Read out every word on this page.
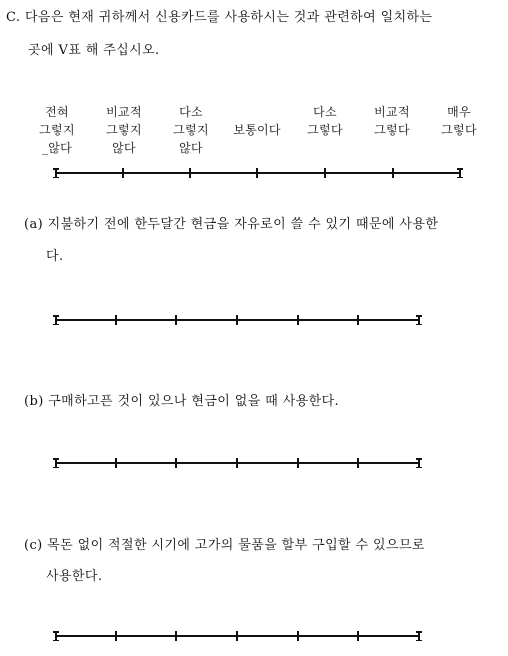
C. 다음은 현재 귀하께서 신용카드를 사용하시는 것과 관련하여 일치하는
곳에 V표 해 주십시오.
전혀
그렇지
_않다
비교적
그렇지
않다
다소
그렇지
않다
보통이다
다소
그렇다
비교적
그렇다
매우
그렇다
(a) 지불하기 전에 한두달간 현금을 자유로이 쓸 수 있기 때문에 사용한
다.
(b) 구매하고픈 것이 있으나 현금이 없을 때 사용한다.
(c) 목돈 없이 적절한 시기에 고가의 물품을 할부 구입할 수 있으므로
사용한다.
